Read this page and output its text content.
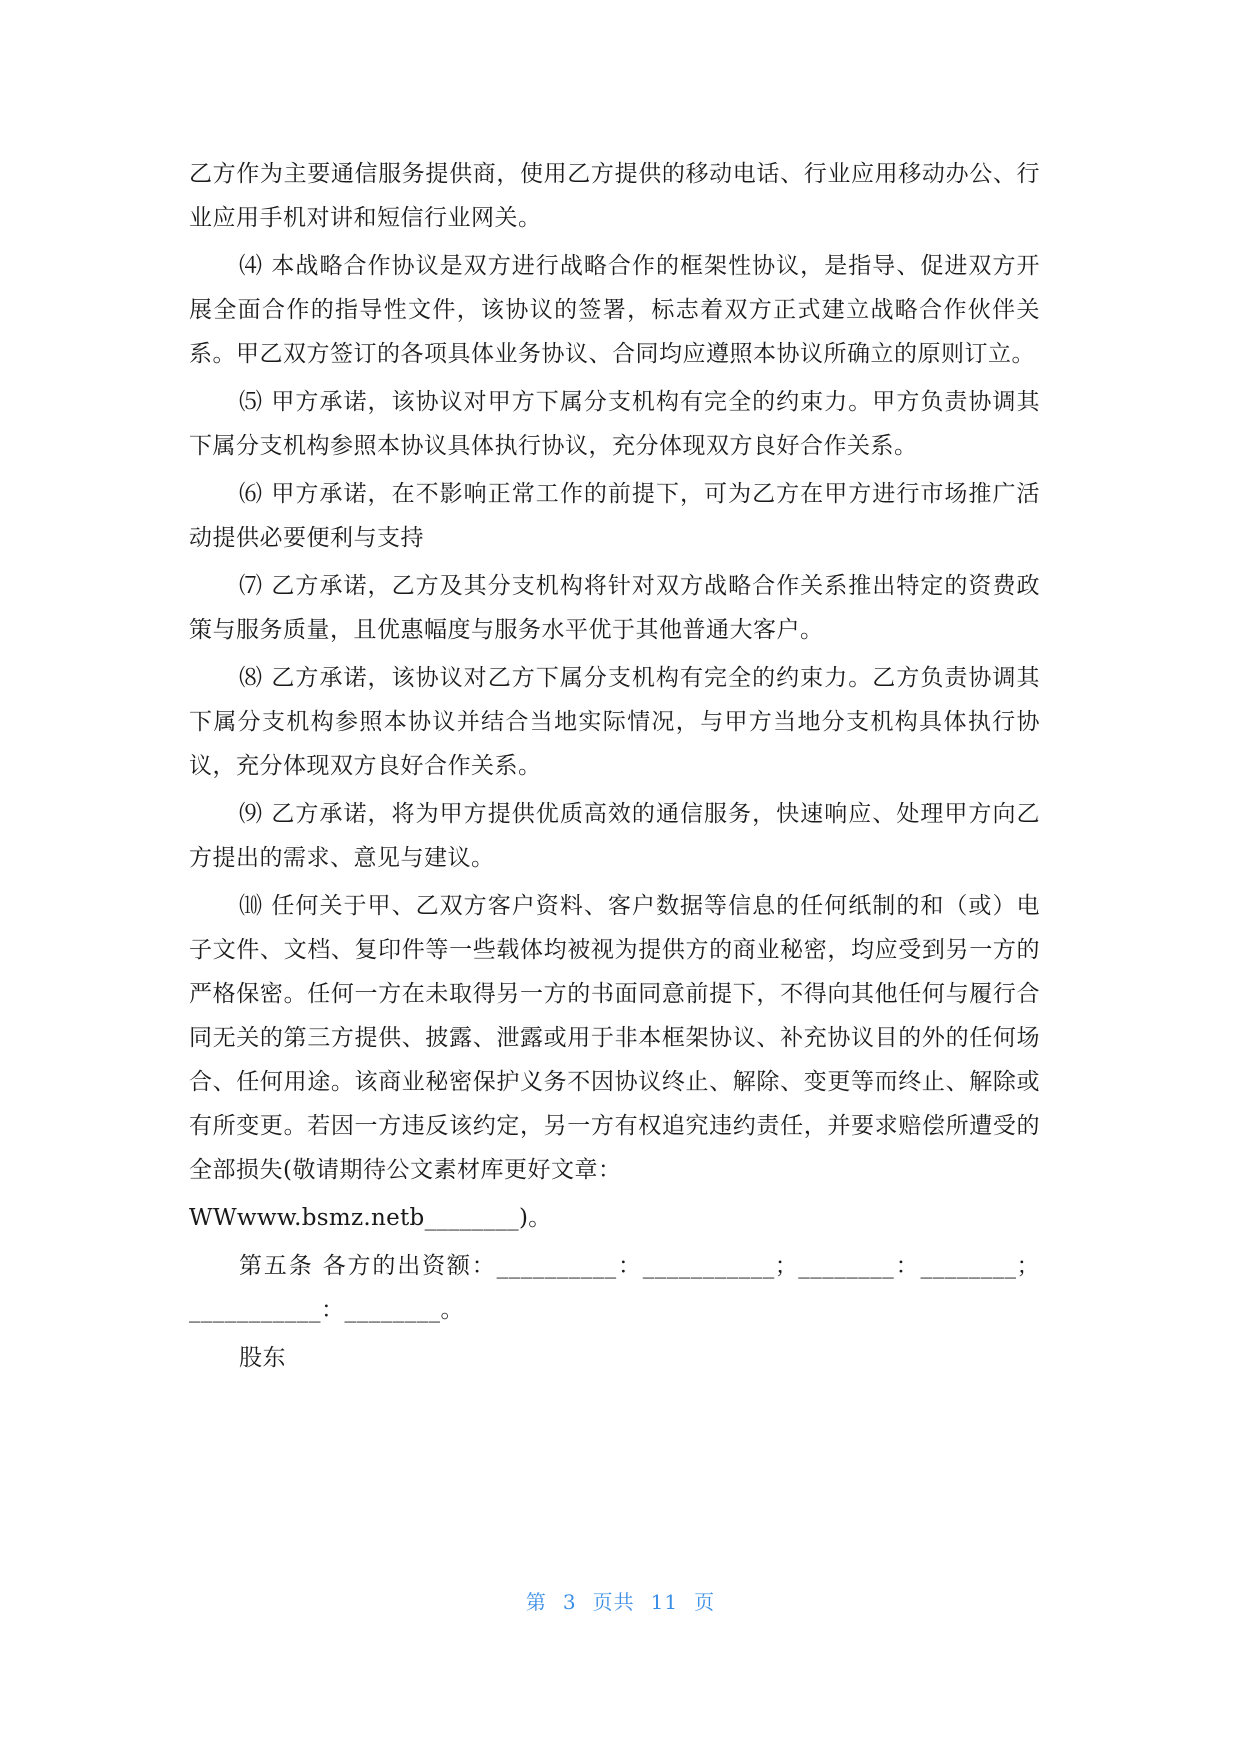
乙方作为主要通信服务提供商，使用乙方提供的移动电话、行业应用移动办公、行业应用手机对讲和短信行业网关。

⑷ 本战略合作协议是双方进行战略合作的框架性协议，是指导、促进双方开展全面合作的指导性文件，该协议的签署，标志着双方正式建立战略合作伙伴关系。甲乙双方签订的各项具体业务协议、合同均应遵照本协议所确立的原则订立。

⑸ 甲方承诺，该协议对甲方下属分支机构有完全的约束力。甲方负责协调其下属分支机构参照本协议具体执行协议，充分体现双方良好合作关系。

⑹ 甲方承诺，在不影响正常工作的前提下，可为乙方在甲方进行市场推广活动提供必要便利与支持

⑺ 乙方承诺，乙方及其分支机构将针对双方战略合作关系推出特定的资费政策与服务质量，且优惠幅度与服务水平优于其他普通大客户。

⑻ 乙方承诺，该协议对乙方下属分支机构有完全的约束力。乙方负责协调其下属分支机构参照本协议并结合当地实际情况，与甲方当地分支机构具体执行协议，充分体现双方良好合作关系。

⑼ 乙方承诺，将为甲方提供优质高效的通信服务，快速响应、处理甲方向乙方提出的需求、意见与建议。

⑽ 任何关于甲、乙双方客户资料、客户数据等信息的任何纸制的和（或）电子文件、文档、复印件等一些载体均被视为提供方的商业秘密，均应受到另一方的严格保密。任何一方在未取得另一方的书面同意前提下，不得向其他任何与履行合同无关的第三方提供、披露、泄露或用于非本框架协议、补充协议目的外的任何场合、任何用途。该商业秘密保护义务不因协议终止、解除、变更等而终止、解除或有所变更。若因一方违反该约定，另一方有权追究违约责任，并要求赔偿所遭受的全部损失(敬请期待公文素材库更好文章：

WWwww.bsmz.netb________)。

第五条 各方的出资额：__________：___________；________：________；___________：________。

股东

第 3 页共 11 页
